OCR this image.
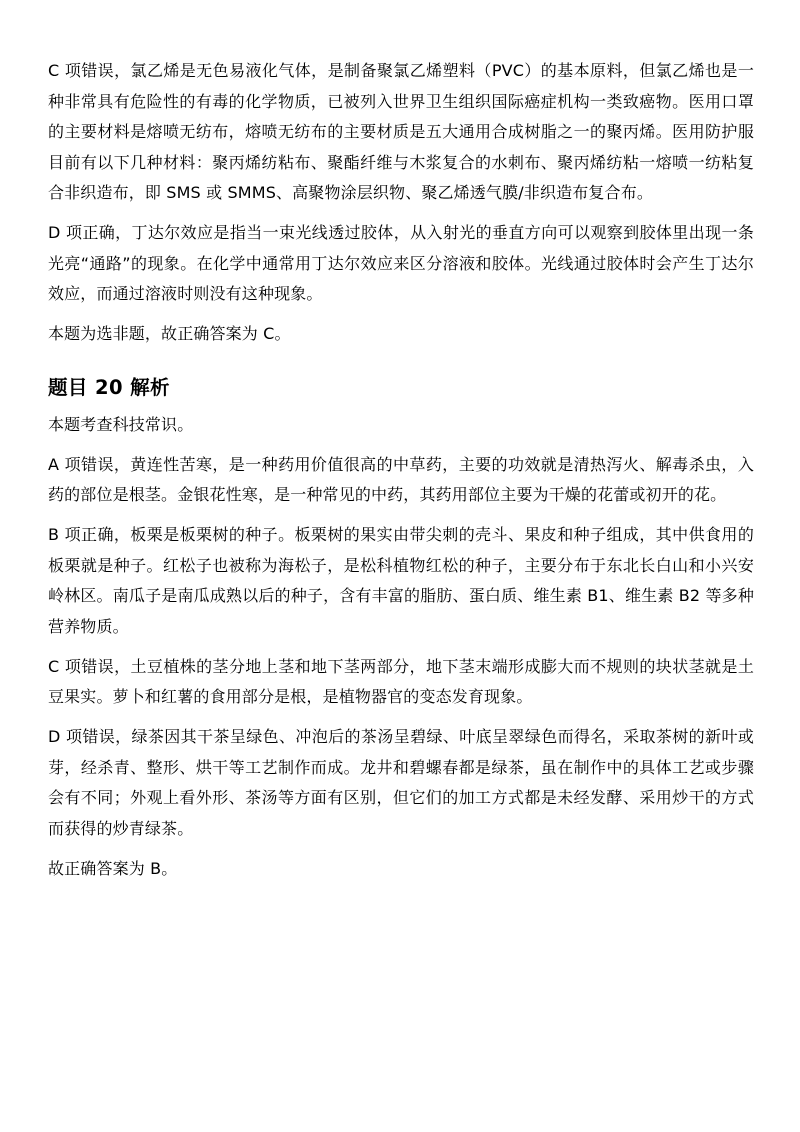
C 项错误，氯乙烯是无色易液化气体，是制备聚氯乙烯塑料（PVC）的基本原料，但氯乙烯也是一种非常具有危险性的有毒的化学物质，已被列入世界卫生组织国际癌症机构一类致癌物。医用口罩的主要材料是熔喷无纺布，熔喷无纺布的主要材质是五大通用合成树脂之一的聚丙烯。医用防护服目前有以下几种材料：聚丙烯纺粘布、聚酯纤维与木浆复合的水刺布、聚丙烯纺粘一熔喷一纺粘复合非织造布，即 SMS 或 SMMS、高聚物涂层织物、聚乙烯透气膜/非织造布复合布。

D 项正确，丁达尔效应是指当一束光线透过胶体，从入射光的垂直方向可以观察到胶体里出现一条光亮“通路”的现象。在化学中通常用丁达尔效应来区分溶液和胶体。光线通过胶体时会产生丁达尔效应，而通过溶液时则没有这种现象。

本题为选非题，故正确答案为 C。

题目 20 解析

本题考查科技常识。

A 项错误，黄连性苦寒，是一种药用价值很高的中草药，主要的功效就是清热泻火、解毒杀虫，入药的部位是根茎。金银花性寒，是一种常见的中药，其药用部位主要为干燥的花蕾或初开的花。

B 项正确，板栗是板栗树的种子。板栗树的果实由带尖刺的壳斗、果皮和种子组成，其中供食用的板栗就是种子。红松子也被称为海松子，是松科植物红松的种子，主要分布于东北长白山和小兴安岭林区。南瓜子是南瓜成熟以后的种子，含有丰富的脂肪、蛋白质、维生素 B1、维生素 B2 等多种营养物质。

C 项错误，土豆植株的茎分地上茎和地下茎两部分，地下茎末端形成膨大而不规则的块状茎就是土豆果实。萝卜和红薯的食用部分是根，是植物器官的变态发育现象。

D 项错误，绿茶因其干茶呈绿色、冲泡后的茶汤呈碧绿、叶底呈翠绿色而得名，采取茶树的新叶或芽，经杀青、整形、烘干等工艺制作而成。龙井和碧螺春都是绿茶，虽在制作中的具体工艺或步骤会有不同；外观上看外形、茶汤等方面有区别，但它们的加工方式都是未经发酵、采用炒干的方式而获得的炒青绿茶。

故正确答案为 B。
